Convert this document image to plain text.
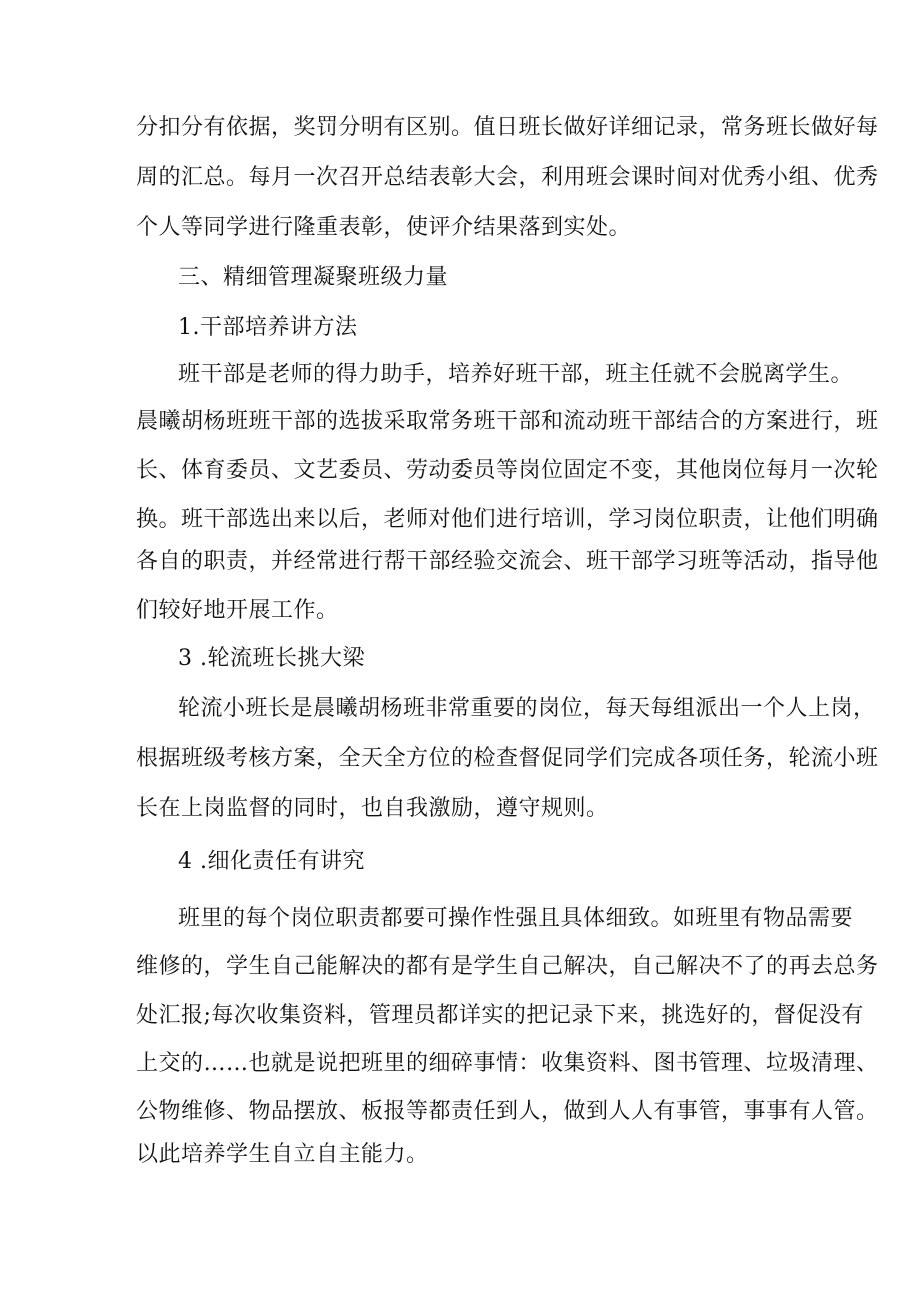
分扣分有依据，奖罚分明有区别。值日班长做好详细记录，常务班长做好每
周的汇总。每月一次召开总结表彰大会，利用班会课时间对优秀小组、优秀
个人等同学进行隆重表彰，使评介结果落到实处。
三、精细管理凝聚班级力量
1.干部培养讲方法
班干部是老师的得力助手，培养好班干部，班主任就不会脱离学生。
晨曦胡杨班班干部的选拔采取常务班干部和流动班干部结合的方案进行，班
长、体育委员、文艺委员、劳动委员等岗位固定不变，其他岗位每月一次轮
换。班干部选出来以后，老师对他们进行培训，学习岗位职责，让他们明确
各自的职责，并经常进行帮干部经验交流会、班干部学习班等活动，指导他
们较好地开展工作。
3 .轮流班长挑大梁
轮流小班长是晨曦胡杨班非常重要的岗位，每天每组派出一个人上岗，
根据班级考核方案，全天全方位的检查督促同学们完成各项任务，轮流小班
长在上岗监督的同时，也自我激励，遵守规则。
4 .细化责任有讲究
班里的每个岗位职责都要可操作性强且具体细致。如班里有物品需要
维修的，学生自己能解决的都有是学生自己解决，自己解决不了的再去总务
处汇报;每次收集资料，管理员都详实的把记录下来，挑选好的，督促没有
上交的……也就是说把班里的细碎事情：收集资料、图书管理、垃圾清理、
公物维修、物品摆放、板报等都责任到人，做到人人有事管，事事有人管。
以此培养学生自立自主能力。
